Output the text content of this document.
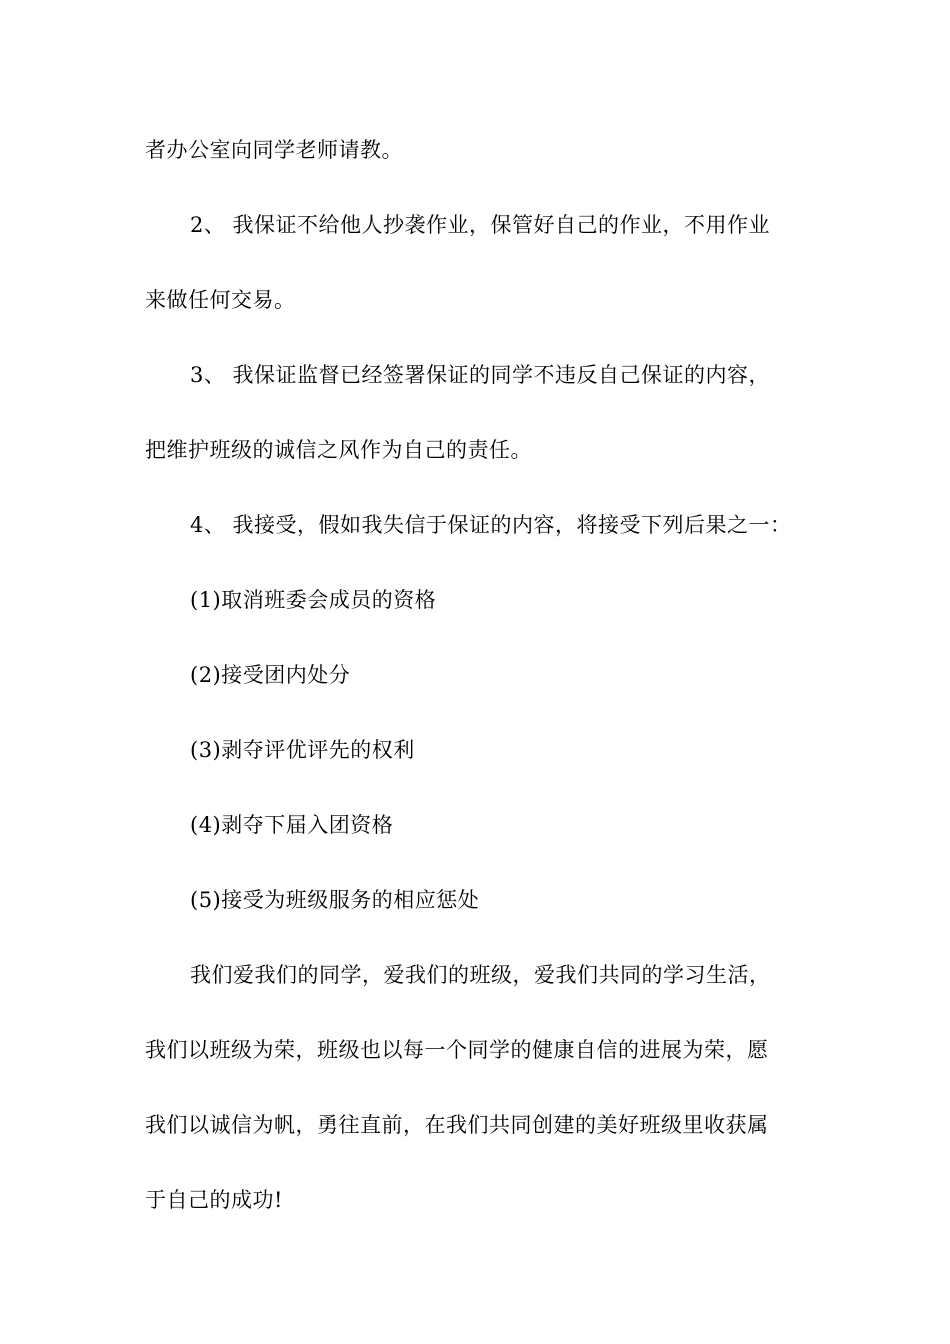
者办公室向同学老师请教。
2、 我保证不给他人抄袭作业，保管好自己的作业，不用作业
来做任何交易。
3、 我保证监督已经签署保证的同学不违反自己保证的内容，
把维护班级的诚信之风作为自己的责任。
4、 我接受，假如我失信于保证的内容，将接受下列后果之一：
(1)取消班委会成员的资格
(2)接受团内处分
(3)剥夺评优评先的权利
(4)剥夺下届入团资格
(5)接受为班级服务的相应惩处
我们爱我们的同学，爱我们的班级，爱我们共同的学习生活，
我们以班级为荣，班级也以每一个同学的健康自信的进展为荣，愿
我们以诚信为帆，勇往直前，在我们共同创建的美好班级里收获属
于自己的成功!
